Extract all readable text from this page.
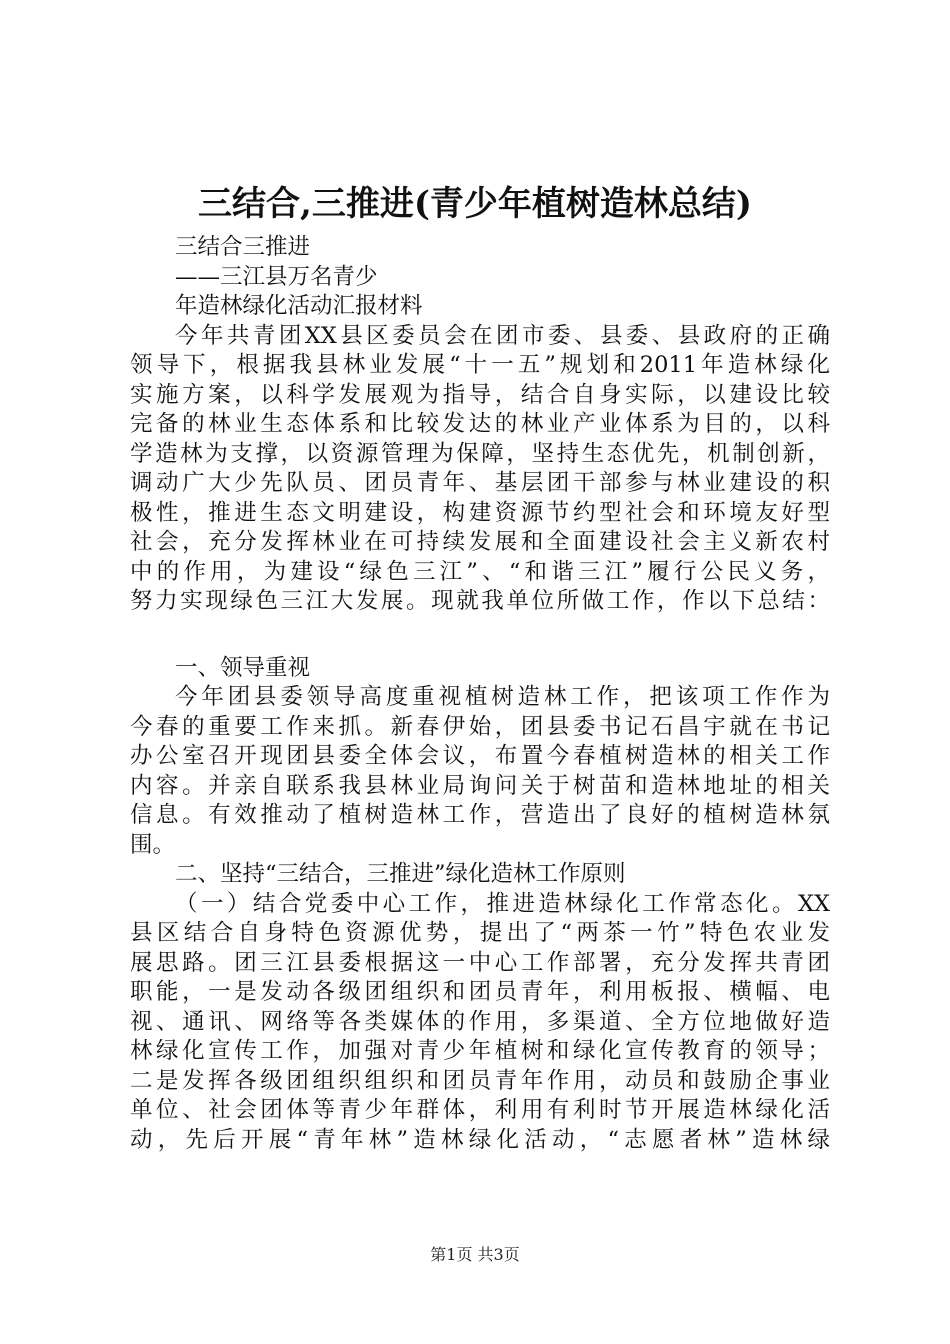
三结合,三推进(青少年植树造林总结)
三结合三推进
——三江县万名青少
年造林绿化活动汇报材料
今年共青团XX县区委员会在团市委、县委、县政府的正确
领导下，根据我县林业发展“十一五”规划和2011年造林绿化
实施方案，以科学发展观为指导，结合自身实际，以建设比较
完备的林业生态体系和比较发达的林业产业体系为目的，以科
学造林为支撑，以资源管理为保障，坚持生态优先，机制创新，
调动广大少先队员、团员青年、基层团干部参与林业建设的积
极性，推进生态文明建设，构建资源节约型社会和环境友好型
社会，充分发挥林业在可持续发展和全面建设社会主义新农村
中的作用，为建设“绿色三江”、“和谐三江”履行公民义务，
努力实现绿色三江大发展。现就我单位所做工作，作以下总结：
一、领导重视
今年团县委领导高度重视植树造林工作，把该项工作作为
今春的重要工作来抓。新春伊始，团县委书记石昌宇就在书记
办公室召开现团县委全体会议，布置今春植树造林的相关工作
内容。并亲自联系我县林业局询问关于树苗和造林地址的相关
信息。有效推动了植树造林工作，营造出了良好的植树造林氛
围。
二、坚持“三结合，三推进”绿化造林工作原则
（一）结合党委中心工作，推进造林绿化工作常态化。XX
县区结合自身特色资源优势，提出了“两茶一竹”特色农业发
展思路。团三江县委根据这一中心工作部署，充分发挥共青团
职能，一是发动各级团组织和团员青年，利用板报、横幅、电
视、通讯、网络等各类媒体的作用，多渠道、全方位地做好造
林绿化宣传工作，加强对青少年植树和绿化宣传教育的领导；
二是发挥各级团组织组织和团员青年作用，动员和鼓励企事业
单位、社会团体等青少年群体，利用有利时节开展造林绿化活
动，先后开展“青年林”造林绿化活动，“志愿者林”造林绿
第1页 共3页
